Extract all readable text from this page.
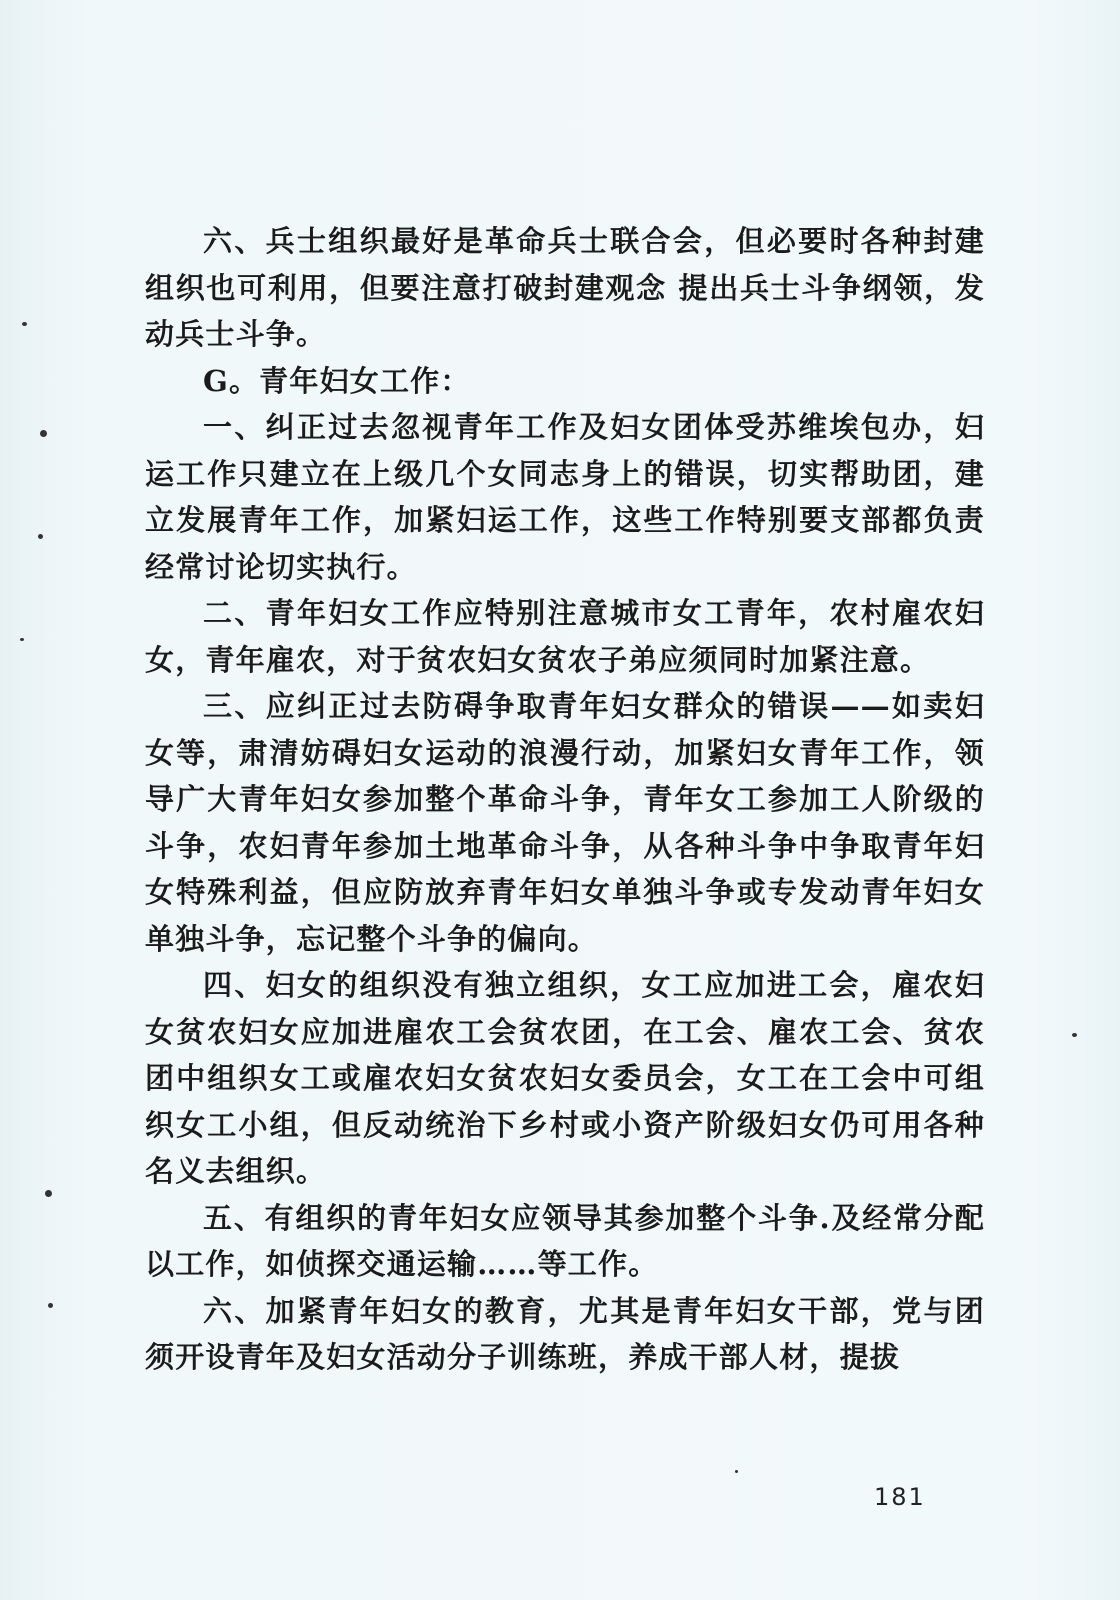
六、兵士组织最好是革命兵士联合会，但必要时各种封建组织也可利用，但要注意打破封建观念 提出兵士斗争纲领，发动兵士斗争。

G。青年妇女工作：

一、纠正过去忽视青年工作及妇女团体受苏维埃包办，妇运工作只建立在上级几个女同志身上的错误，切实帮助团，建立发展青年工作，加紧妇运工作，这些工作特别要支部都负责经常讨论切实执行。

二、青年妇女工作应特别注意城市女工青年，农村雇农妇女，青年雇农，对于贫农妇女贫农子弟应须同时加紧注意。

三、应纠正过去防碍争取青年妇女群众的错误——如卖妇女等，肃清妨碍妇女运动的浪漫行动，加紧妇女青年工作，领导广大青年妇女参加整个革命斗争，青年女工参加工人阶级的斗争，农妇青年参加土地革命斗争，从各种斗争中争取青年妇女特殊利益，但应防放弃青年妇女单独斗争或专发动青年妇女单独斗争，忘记整个斗争的偏向。

四、妇女的组织没有独立组织，女工应加进工会，雇农妇女贫农妇女应加进雇农工会贫农团，在工会、雇农工会、贫农团中组织女工或雇农妇女贫农妇女委员会，女工在工会中可组织女工小组，但反动统治下乡村或小资产阶级妇女仍可用各种名义去组织。

五、有组织的青年妇女应领导其参加整个斗争.及经常分配以工作，如侦探交通运输……等工作。

六、加紧青年妇女的教育，尤其是青年妇女干部，党与团须开设青年及妇女活动分子训练班，养成干部人材，提拔

181
